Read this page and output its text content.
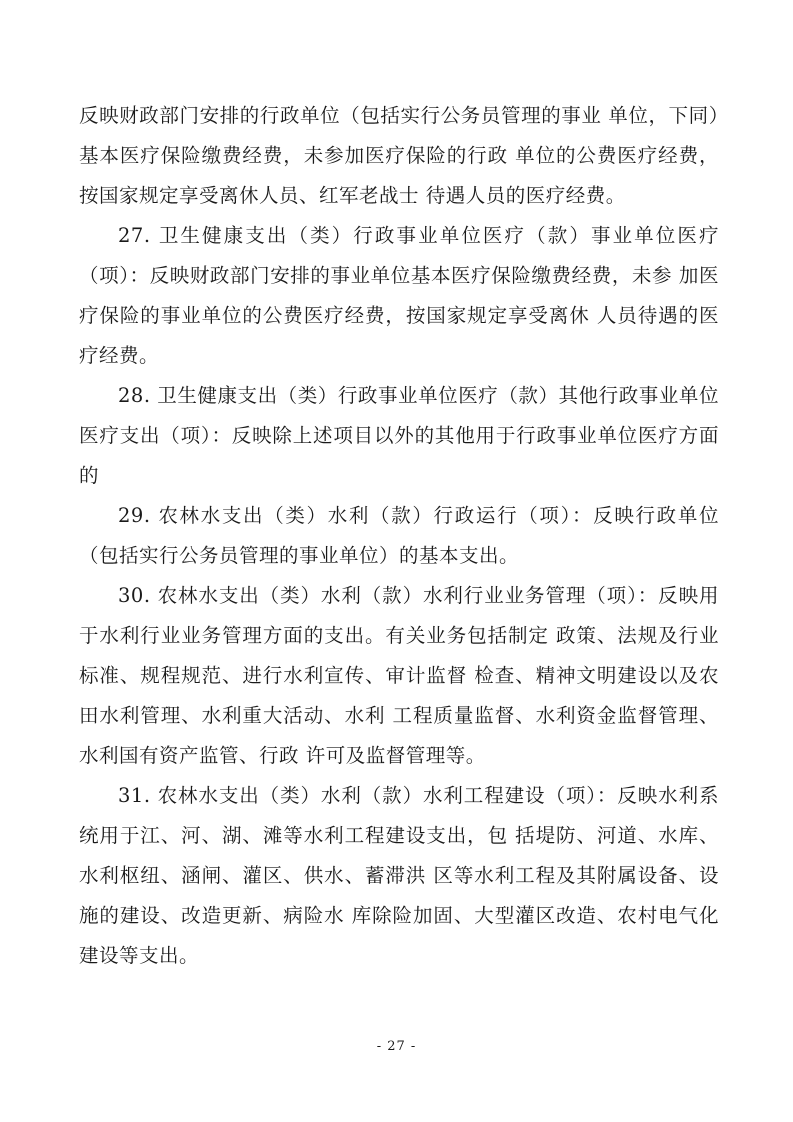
反映财政部门安排的行政单位（包括实行公务员管理的事业 单位，下同）基本医疗保险缴费经费，未参加医疗保险的行政 单位的公费医疗经费，按国家规定享受离休人员、红军老战士 待遇人员的医疗经费。

27. 卫生健康支出（类）行政事业单位医疗（款）事业单位医疗（项）：反映财政部门安排的事业单位基本医疗保险缴费经费，未参 加医疗保险的事业单位的公费医疗经费，按国家规定享受离休 人员待遇的医疗经费。

28. 卫生健康支出（类）行政事业单位医疗（款）其他行政事业单位医疗支出（项）：反映除上述项目以外的其他用于行政事业单位医疗方面的

29. 农林水支出（类）水利（款）行政运行（项）：反映行政单位（包括实行公务员管理的事业单位）的基本支出。

30. 农林水支出（类）水利（款）水利行业业务管理（项）：反映用于水利行业业务管理方面的支出。有关业务包括制定 政策、法规及行业标准、规程规范、进行水利宣传、审计监督 检查、精神文明建设以及农田水利管理、水利重大活动、水利 工程质量监督、水利资金监督管理、水利国有资产监管、行政 许可及监督管理等。

31. 农林水支出（类）水利（款）水利工程建设（项）：反映水利系统用于江、河、湖、滩等水利工程建设支出，包 括堤防、河道、水库、水利枢纽、涵闸、灌区、供水、蓄滞洪 区等水利工程及其附属设备、设施的建设、改造更新、病险水 库除险加固、大型灌区改造、农村电气化建设等支出。

- 27 -
